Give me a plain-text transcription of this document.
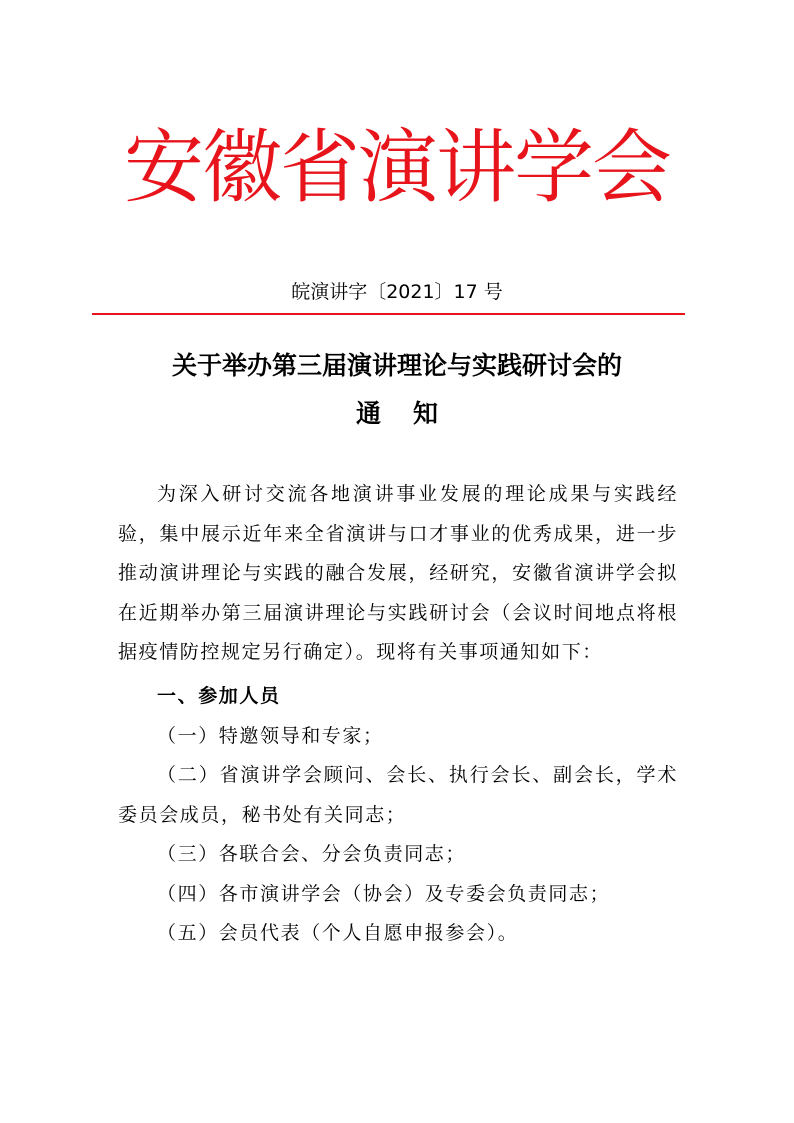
安徽省演讲学会
皖演讲字〔2021〕17 号
关于举办第三届演讲理论与实践研讨会的
通 知

为深入研讨交流各地演讲事业发展的理论成果与实践经验，集中展示近年来全省演讲与口才事业的优秀成果，进一步推动演讲理论与实践的融合发展，经研究，安徽省演讲学会拟在近期举办第三届演讲理论与实践研讨会（会议时间地点将根据疫情防控规定另行确定）。现将有关事项通知如下：

一、参加人员

（一）特邀领导和专家；

（二）省演讲学会顾问、会长、执行会长、副会长，学术委员会成员，秘书处有关同志；

（三）各联合会、分会负责同志；

（四）各市演讲学会（协会）及专委会负责同志；

（五）会员代表（个人自愿申报参会）。
